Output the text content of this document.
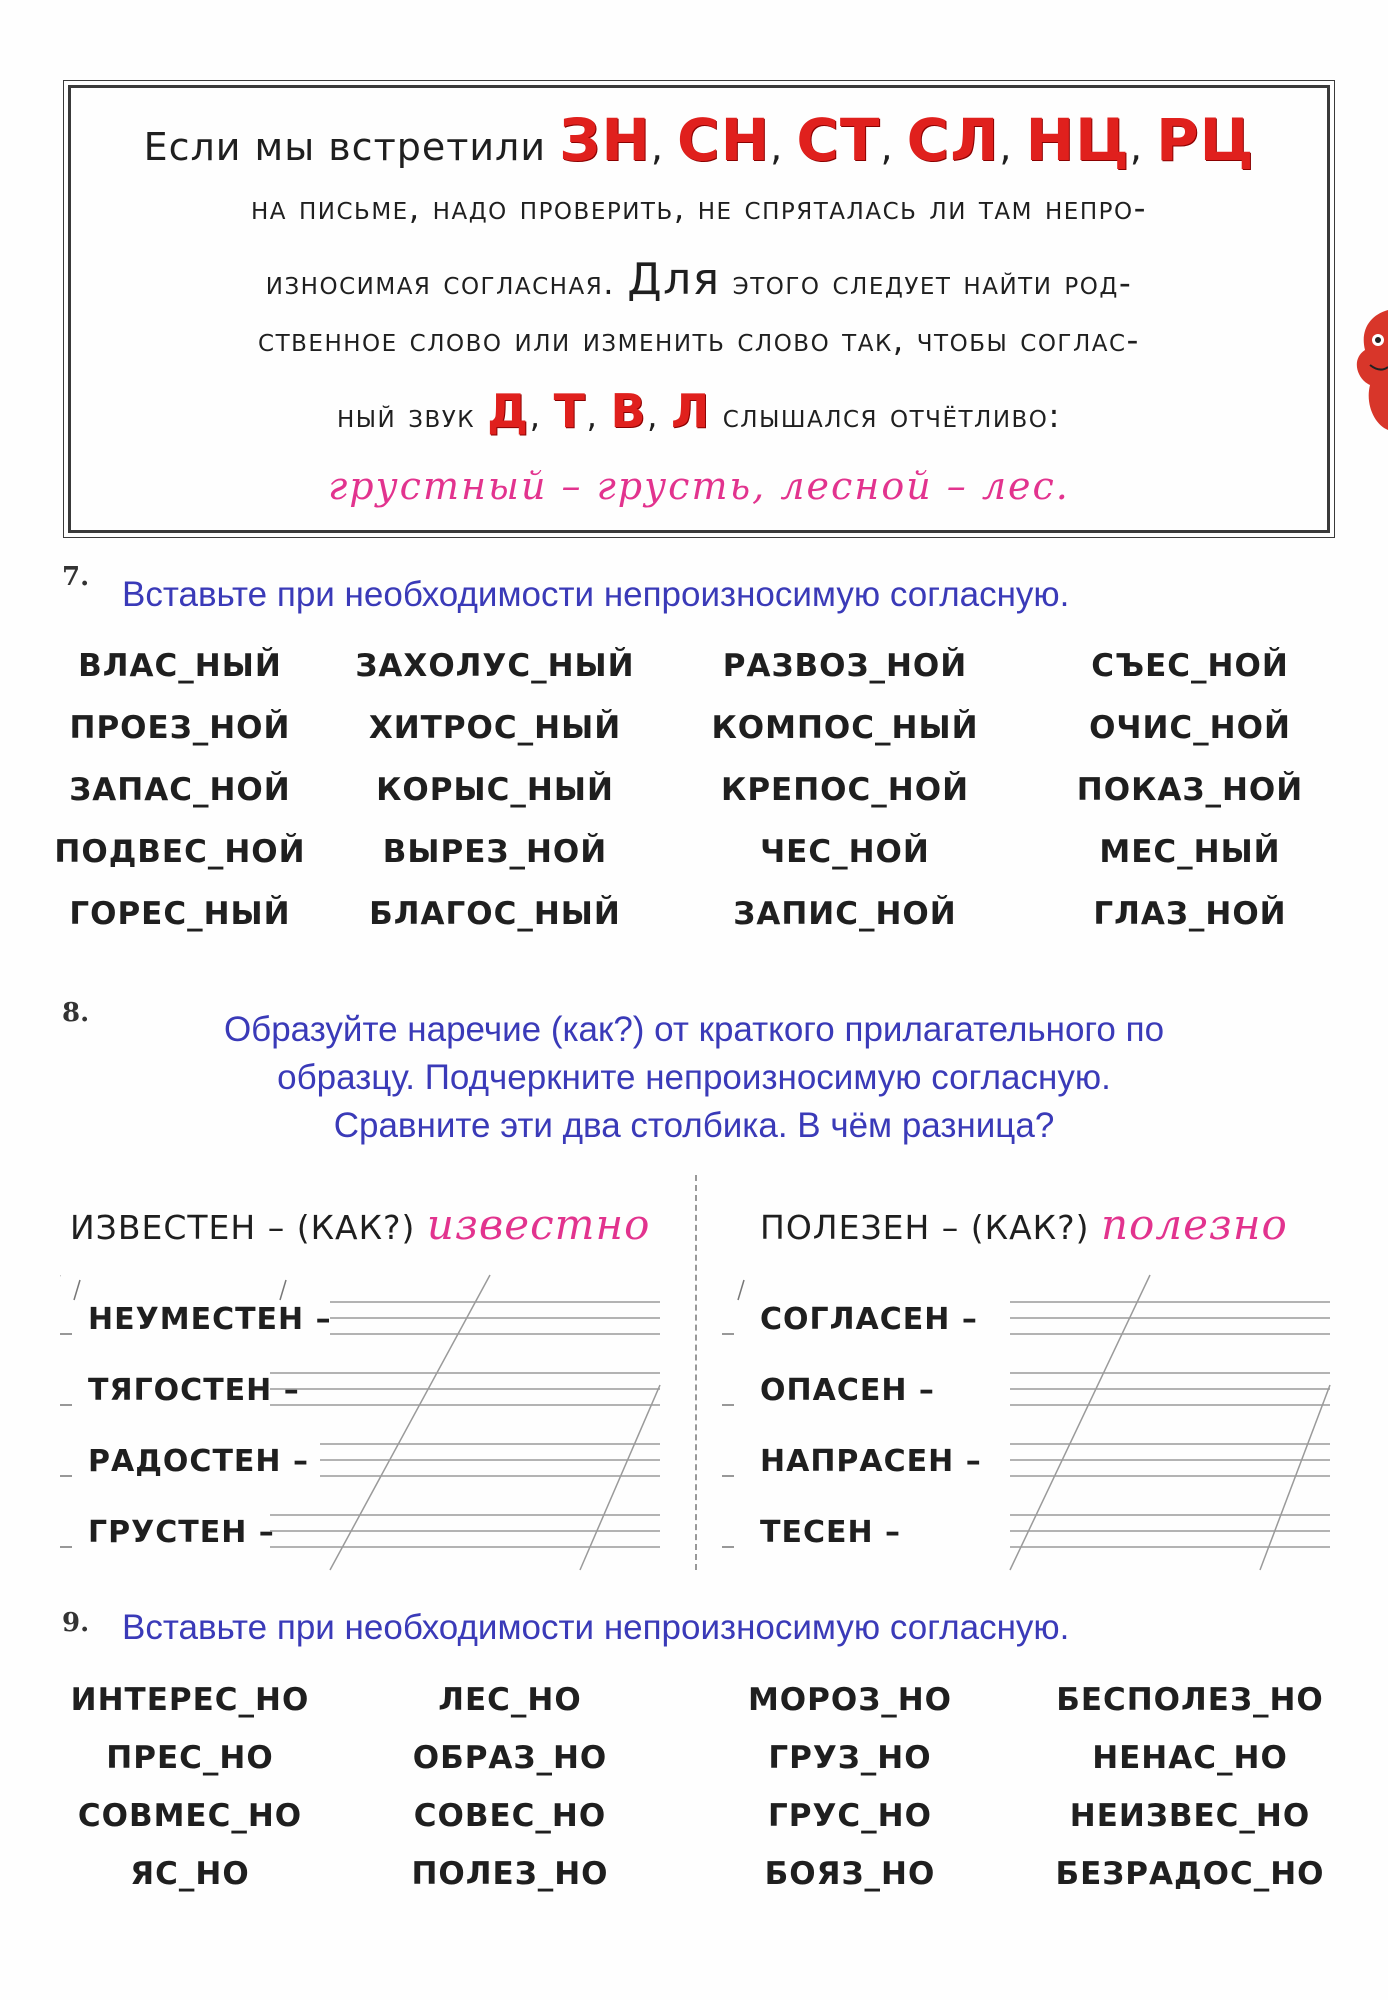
Если мы встретили ЗН, СН, СТ, СЛ, НЦ, РЦ
на письме, надо проверить, не спряталась ли там непро-
износимая согласная. Для этого следует найти род-
ственное слово или изменить слово так, чтобы соглас-
ный звук Д, Т, В, Л слышался отчётливо:
грустный – грусть, лесной – лес.
7. Вставьте при необходимости непроизносимую согласную.
ВЛАС_НЫЙ	ЗАХОЛУС_НЫЙ	РАЗВОЗ_НОЙ	СЪЕС_НОЙ
ПРОЕЗ_НОЙ	ХИТРОС_НЫЙ	КОМПОС_НЫЙ	ОЧИС_НОЙ
ЗАПАС_НОЙ	КОРЫС_НЫЙ	КРЕПОС_НОЙ	ПОКАЗ_НОЙ
ПОДВЕС_НОЙ	ВЫРЕЗ_НОЙ	ЧЕС_НОЙ	МЕС_НЫЙ
ГОРЕС_НЫЙ	БЛАГОС_НЫЙ	ЗАПИС_НОЙ	ГЛАЗ_НОЙ
8.	Образуйте наречие (как?) от краткого прилагательного по
образцу. Подчеркните непроизносимую согласную.
Сравните эти два столбика. В чём разница?
ИЗВЕСТЕН – (КАК?) известно	ПОЛЕЗЕН – (КАК?) полезно
НЕУМЕСТЕН –
ТЯГОСТЕН –
РАДОСТЕН –
ГРУСТЕН –
СОГЛАСЕН –
ОПАСЕН –
НАПРАСЕН –
ТЕСЕН –
9. Вставьте при необходимости непроизносимую согласную.
ИНТЕРЕС_НО	ЛЕС_НО	МОРОЗ_НО	БЕСПОЛЕЗ_НО
ПРЕС_НО	ОБРАЗ_НО	ГРУЗ_НО	НЕНАС_НО
СОВМЕС_НО	СОВЕС_НО	ГРУС_НО	НЕИЗВЕС_НО
ЯС_НО	ПОЛЕЗ_НО	БОЯЗ_НО	БЕЗРАДОС_НО
